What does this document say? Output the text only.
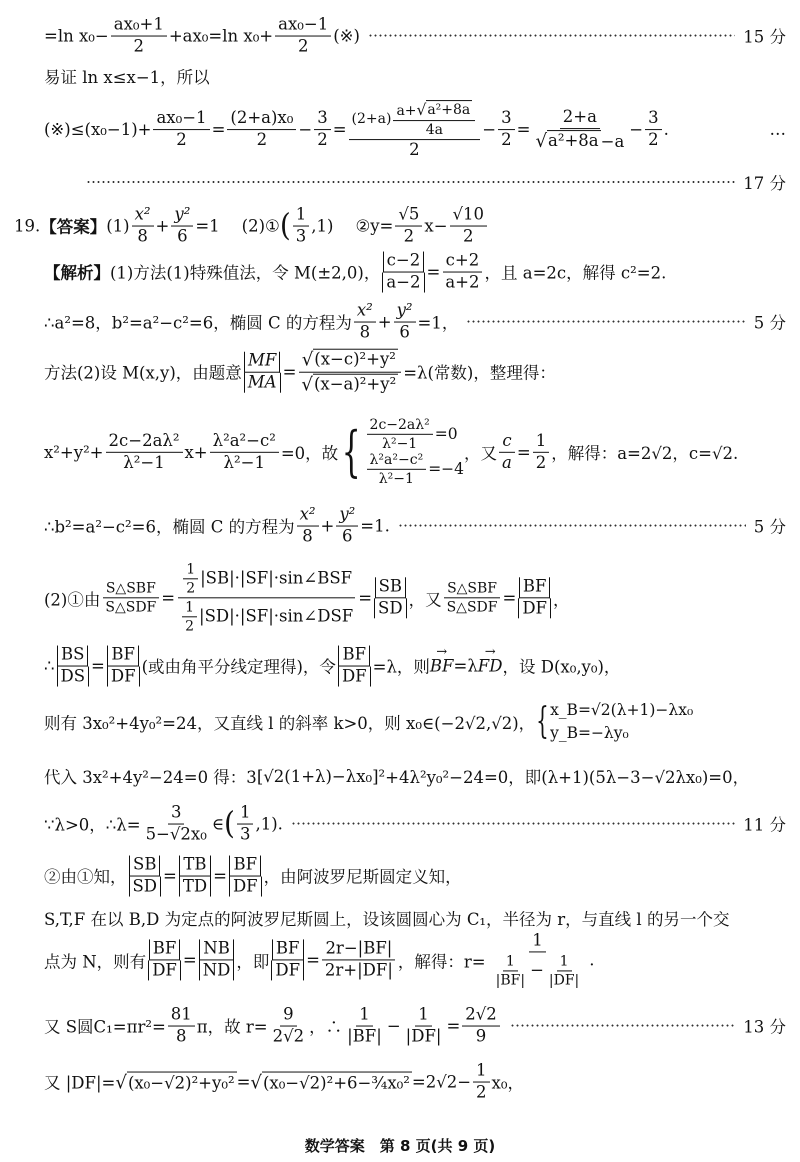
=ln $x_0- \frac{\text{ax₀+1}}{2} +ax_0=\ln$ $x_0+ \frac{\text{ax₀−1}}{2}$ (※)	15 分
易证 ln x≤x−1，所以
(※)≤(x₀−1)+ $\frac{\text{ax₀−1}}{2} = \frac{\text{(2+a)x₀}}{2} - \frac{3}{2} = \frac{(2+a) \frac{\text{a+ √ a²+8a}}{4a}}{2} - \frac{3}{2} = \frac{2+a}{\text{√ a²+8a −a}} - \frac{3}{2}$ .	…
17 分
19. 【答案】 $(1) \frac{\text{x²}}{8} + \frac{\text{y²}}{6} =1$ (2)① ( $\frac{1}{3} ,1$) ②y= $\frac{√5}{2} x- \frac{√10}{2}$
【解析】 (1)方法(1)特殊值法，令 M(±2,0)， $\frac{c-2}{a-2} = \frac{c+2}{a+2}$ ，且 a=2c，解得 c²=2.
∴a²=8，b²=a²−c²=6，椭圆 C 的方程为 $\frac{\text{x²}}{8} + \frac{\text{y²}}{6} =1$，	5 分
方法(2)设 M(x,y)，由题意 $\frac{MF}{MA} = \frac{\text{√ (x−c)²+y²}}{\text{√ (x−a)²+y²}} =\lambda$(常数)，整理得：
$x^2+y^2+ \frac{\text{2c−2aλ²}}{\text{λ²−1}} x+ \frac{\text{λ²a²−c²}}{\text{λ²−1}} =0$，故 { $\frac{\text{2c−2aλ²}}{\text{λ²−1}} =0$
$\frac{\text{λ²a²−c²}}{\text{λ²−1}} =-4$
，又 $\frac{c}{a} = \frac{1}{2}$ ，解得：a=2√2，c=√2.
∴b²=a²−c²=6，椭圆 C 的方程为 $\frac{\text{x²}}{8} + \frac{\text{y²}}{6} =1$.	5 分
(2)①由 $\frac{\text{S△SBF}}{\text{S△SDF}} = \frac{\frac{1}{2} |SB|\cdot|SF|\cdot\sin\angle BSF}{\frac{1}{2} |SD|\cdot|SF|\cdot\sin\angle DSF} = \frac{SB}{SD}$ ，又 $\frac{\text{S△SBF}}{\text{S△SDF}} = \frac{BF}{DF}$ ，
∴ $\frac{BS}{DS} = \frac{BF}{DF}$ (或由角平分线定理得)，令 $\frac{BF}{DF} =\lambda$，则 → BF =λ → FD ，设 D(x₀,y₀)，
则有 3x₀²+4y₀²=24，又直线 l 的斜率 k>0，则 x₀∈(−2√2,√2)， { x_B=√2(λ+1)−λx₀
y_B=−λy₀
代入 3x²+4y²−24=0 得：3 [√2(1+λ)−λx₀]² +4λ²y₀²−24=0，即(λ+1)(5λ−3−√2λx₀)=0，
∵λ>0，∴λ= $\frac{3}{\text{5−√2x₀}}$ ∈ ( $\frac{1}{3} ,1$).	11 分
②由①知， $\frac{SB}{SD} = \frac{TB}{TD} = \frac{BF}{DF}$ ，由阿波罗尼斯圆定义知，
S,T,F 在以 B,D 为定点的阿波罗尼斯圆上，设该圆圆心为 C₁，半径为 r，与直线 l 的另一个交
点为 N，则有 $\frac{BF}{DF} = \frac{NB}{ND}$ ，即 $\frac{BF}{DF} = \frac{2r-|BF|}{2r+|DF|}$ ，解得：$r= \frac{1}{\frac{1}{|BF|} - \frac{1}{|DF|}}$ .
又 S圆$C_1=\pi r^2= \frac{81}{8}$ π，故 $r= \frac{9}{2√2}$ ，∴ $\frac{1}{|BF|} - \frac{1}{|DF|} = \frac{2√2}{9}$	13 分
又 |DF|= √ (x₀−√2)²+y₀² = √ (x₀−√2)²+6−¾x₀² $=2√2- \frac{1}{2} x_0$，
数学答案　第 8 页(共 9 页)
